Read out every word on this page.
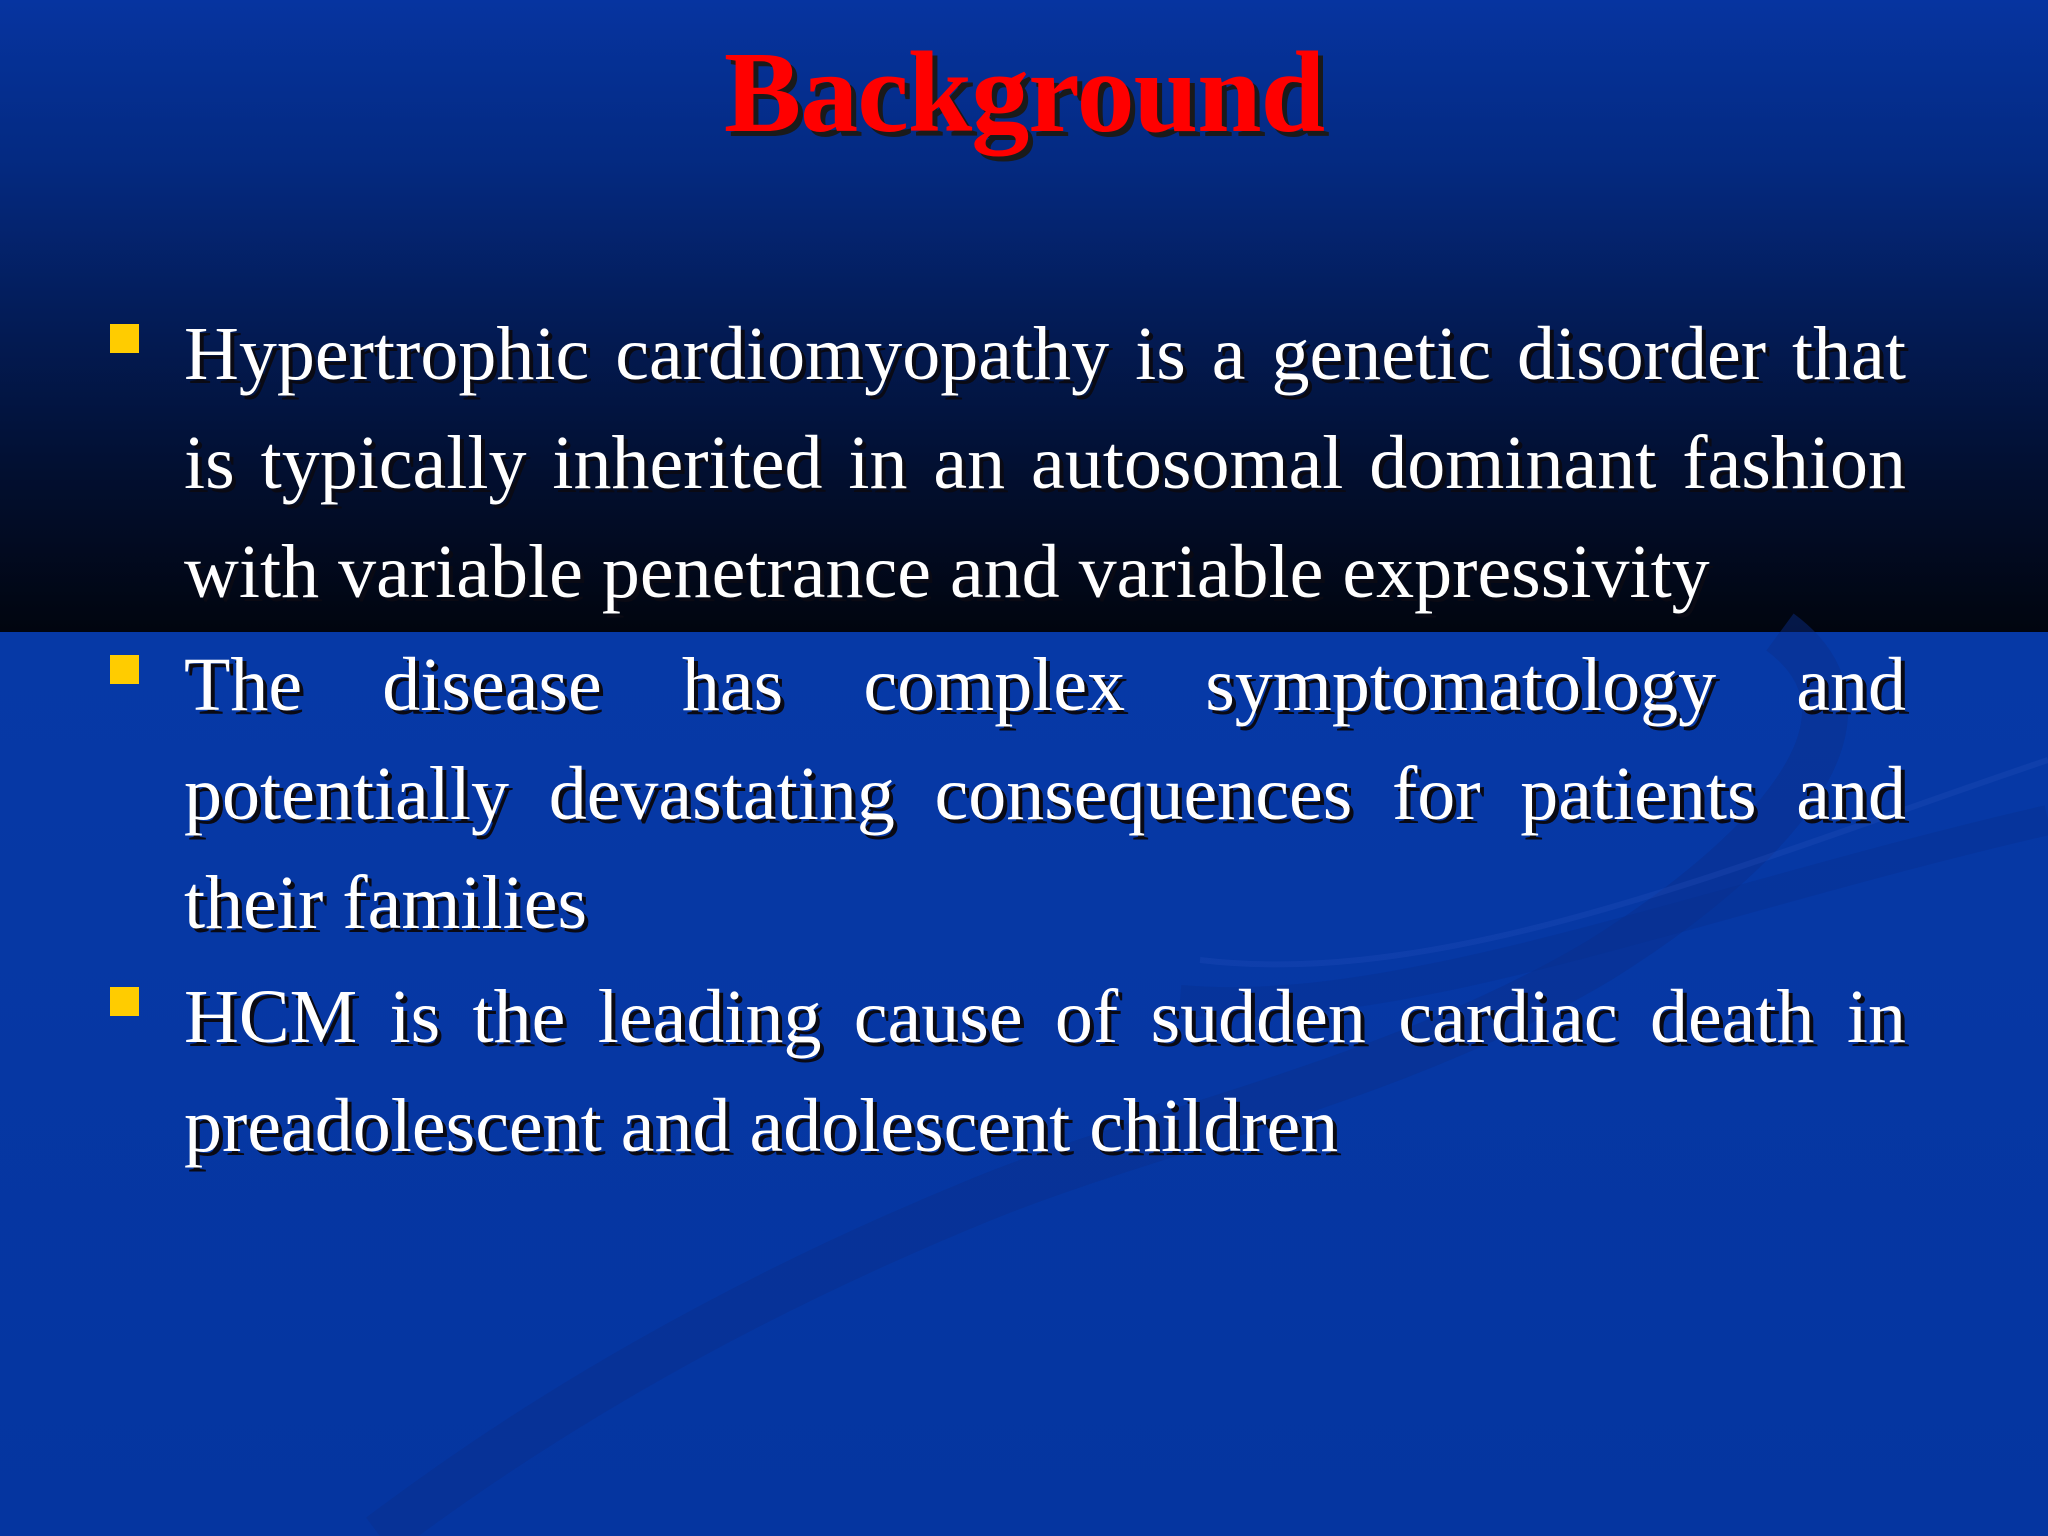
Background
Hypertrophic cardiomyopathy is a genetic disorder that is typically inherited in an autosomal dominant fashion with variable penetrance and variable expressivity
The disease has complex symptomatology and potentially devastating consequences for patients and their families
HCM is the leading cause of sudden cardiac death in preadolescent and adolescent children
